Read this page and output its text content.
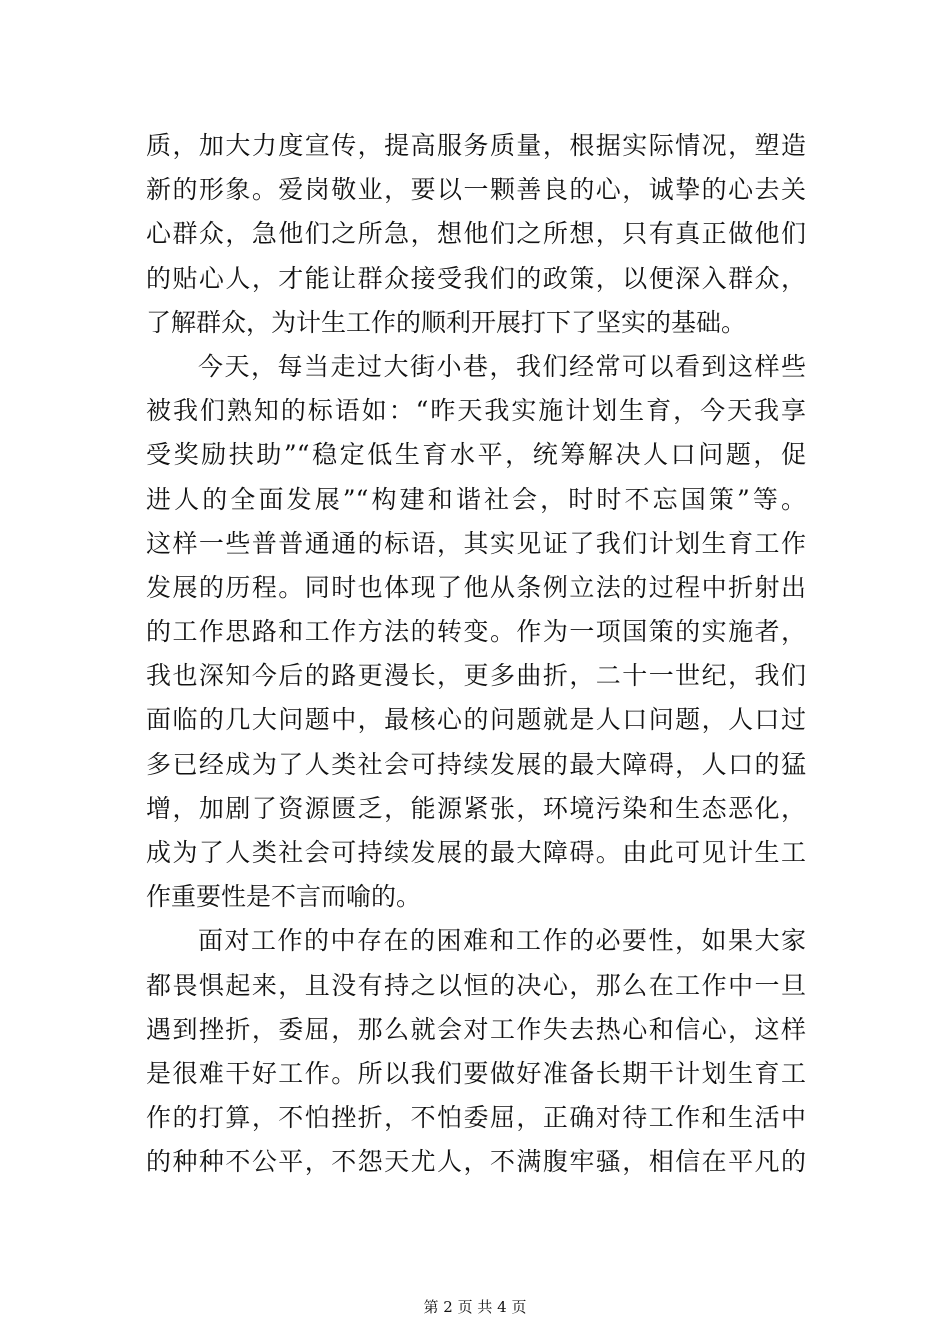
质，加大力度宣传，提高服务质量，根据实际情况，塑造
新的形象。爱岗敬业，要以一颗善良的心，诚挚的心去关
心群众，急他们之所急，想他们之所想，只有真正做他们
的贴心人，才能让群众接受我们的政策，以便深入群众，
了解群众，为计生工作的顺利开展打下了坚实的基础。
今天，每当走过大街小巷，我们经常可以看到这样些
被我们熟知的标语如：“昨天我实施计划生育，今天我享
受奖励扶助”“稳定低生育水平，统筹解决人口问题，促
进人的全面发展”“构建和谐社会，时时不忘国策”等。
这样一些普普通通的标语，其实见证了我们计划生育工作
发展的历程。同时也体现了他从条例立法的过程中折射出
的工作思路和工作方法的转变。作为一项国策的实施者，
我也深知今后的路更漫长，更多曲折，二十一世纪，我们
面临的几大问题中，最核心的问题就是人口问题，人口过
多已经成为了人类社会可持续发展的最大障碍，人口的猛
增，加剧了资源匮乏，能源紧张，环境污染和生态恶化，
成为了人类社会可持续发展的最大障碍。由此可见计生工
作重要性是不言而喻的。
面对工作的中存在的困难和工作的必要性，如果大家
都畏惧起来，且没有持之以恒的决心，那么在工作中一旦
遇到挫折，委屈，那么就会对工作失去热心和信心，这样
是很难干好工作。所以我们要做好准备长期干计划生育工
作的打算，不怕挫折，不怕委屈，正确对待工作和生活中
的种种不公平，不怨天尤人，不满腹牢骚，相信在平凡的
第 2 页 共 4 页
